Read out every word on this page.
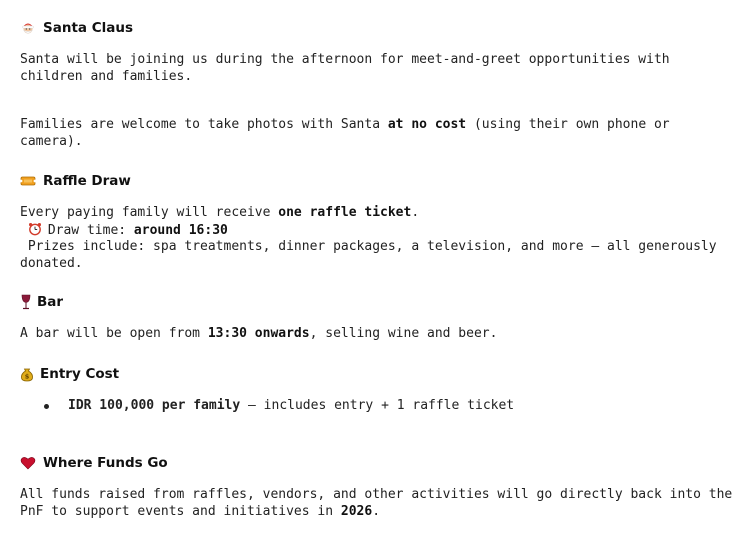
Santa Claus

Santa will be joining us during the afternoon for meet-and-greet opportunities with
children and families.

Families are welcome to take photos with Santa at no cost (using their own phone or
camera).

Raffle Draw
Every paying family will receive one raffle ticket.
Draw time: around 16:30
Prizes include: spa treatments, dinner packages, a television, and more – all generously
donated.
Bar

A bar will be open from 13:30 onwards, selling wine and beer.

$ Entry Cost
IDR 100,000 per family – includes entry + 1 raffle ticket
Where Funds Go

All funds raised from raffles, vendors, and other activities will go directly back into the
PnF to support events and initiatives in 2026.
